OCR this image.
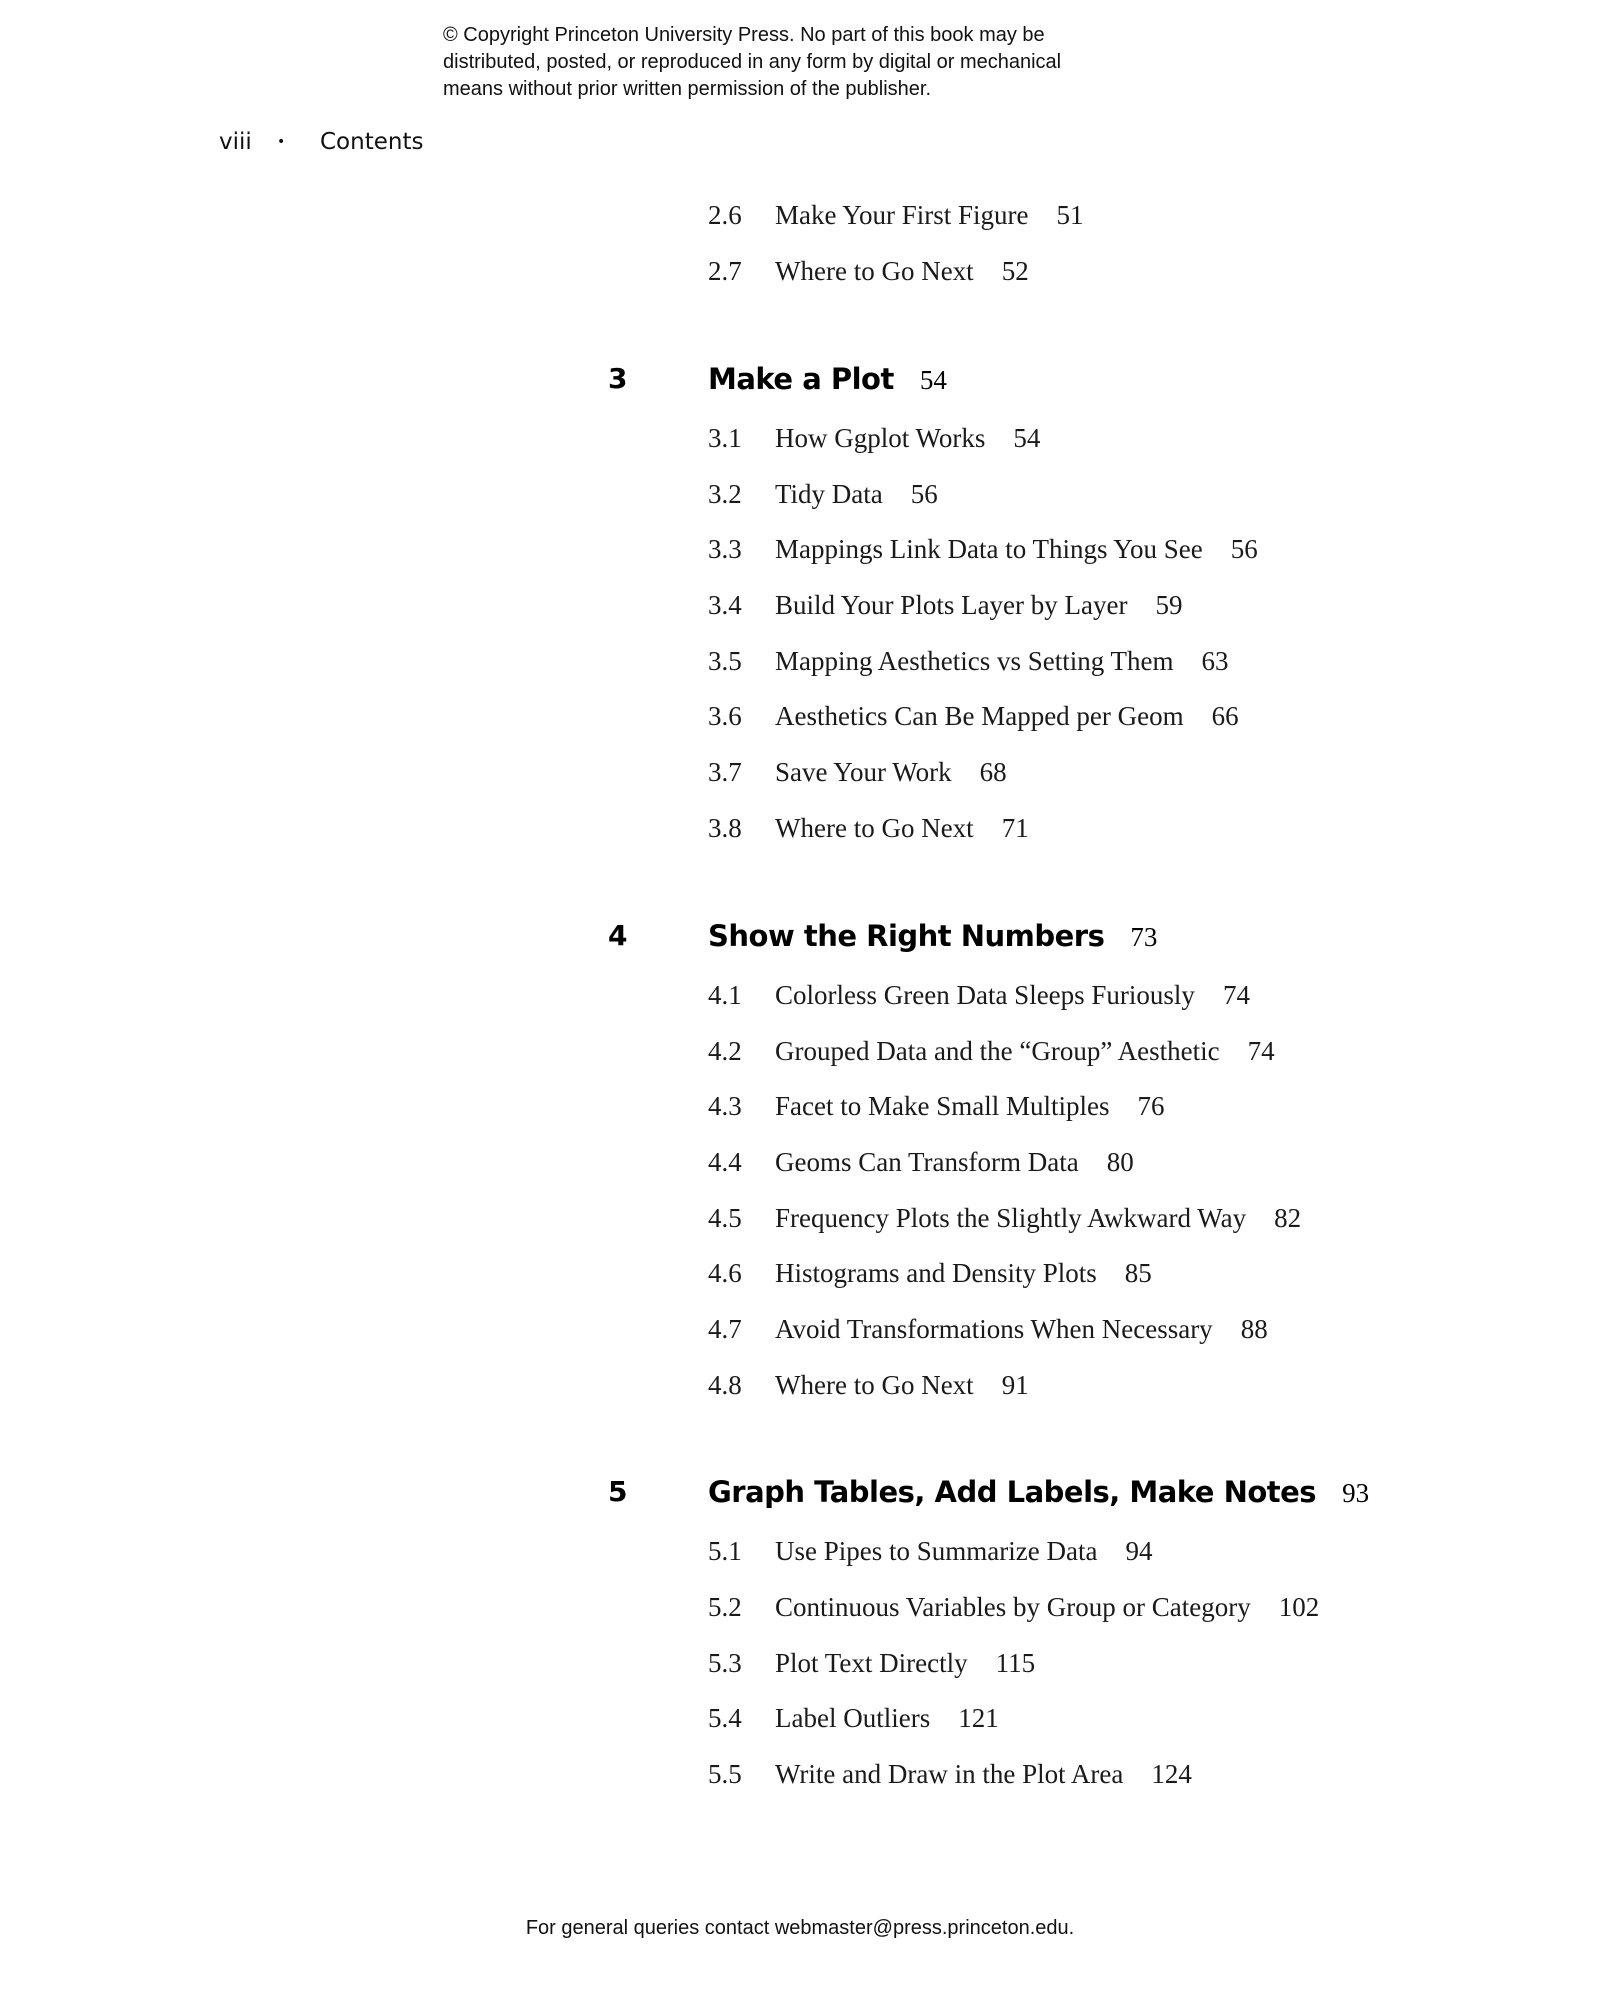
© Copyright Princeton University Press. No part of this book may be
distributed, posted, or reproduced in any form by digital or mechanical
means without prior written permission of the publisher.
viii • Contents
2.6 Make Your First Figure 51
2.7 Where to Go Next 52
3	Make a Plot 54
3.1 How Ggplot Works 54
3.2 Tidy Data 56
3.3 Mappings Link Data to Things You See 56
3.4 Build Your Plots Layer by Layer 59
3.5 Mapping Aesthetics vs Setting Them 63
3.6 Aesthetics Can Be Mapped per Geom 66
3.7 Save Your Work 68
3.8 Where to Go Next 71
4	Show the Right Numbers 73
4.1 Colorless Green Data Sleeps Furiously 74
4.2 Grouped Data and the “Group” Aesthetic 74
4.3 Facet to Make Small Multiples 76
4.4 Geoms Can Transform Data 80
4.5 Frequency Plots the Slightly Awkward Way 82
4.6 Histograms and Density Plots 85
4.7 Avoid Transformations When Necessary 88
4.8 Where to Go Next 91
5	Graph Tables, Add Labels, Make Notes 93
5.1 Use Pipes to Summarize Data 94
5.2 Continuous Variables by Group or Category 102
5.3 Plot Text Directly 115
5.4 Label Outliers 121
5.5 Write and Draw in the Plot Area 124
For general queries contact webmaster@press.princeton.edu.
